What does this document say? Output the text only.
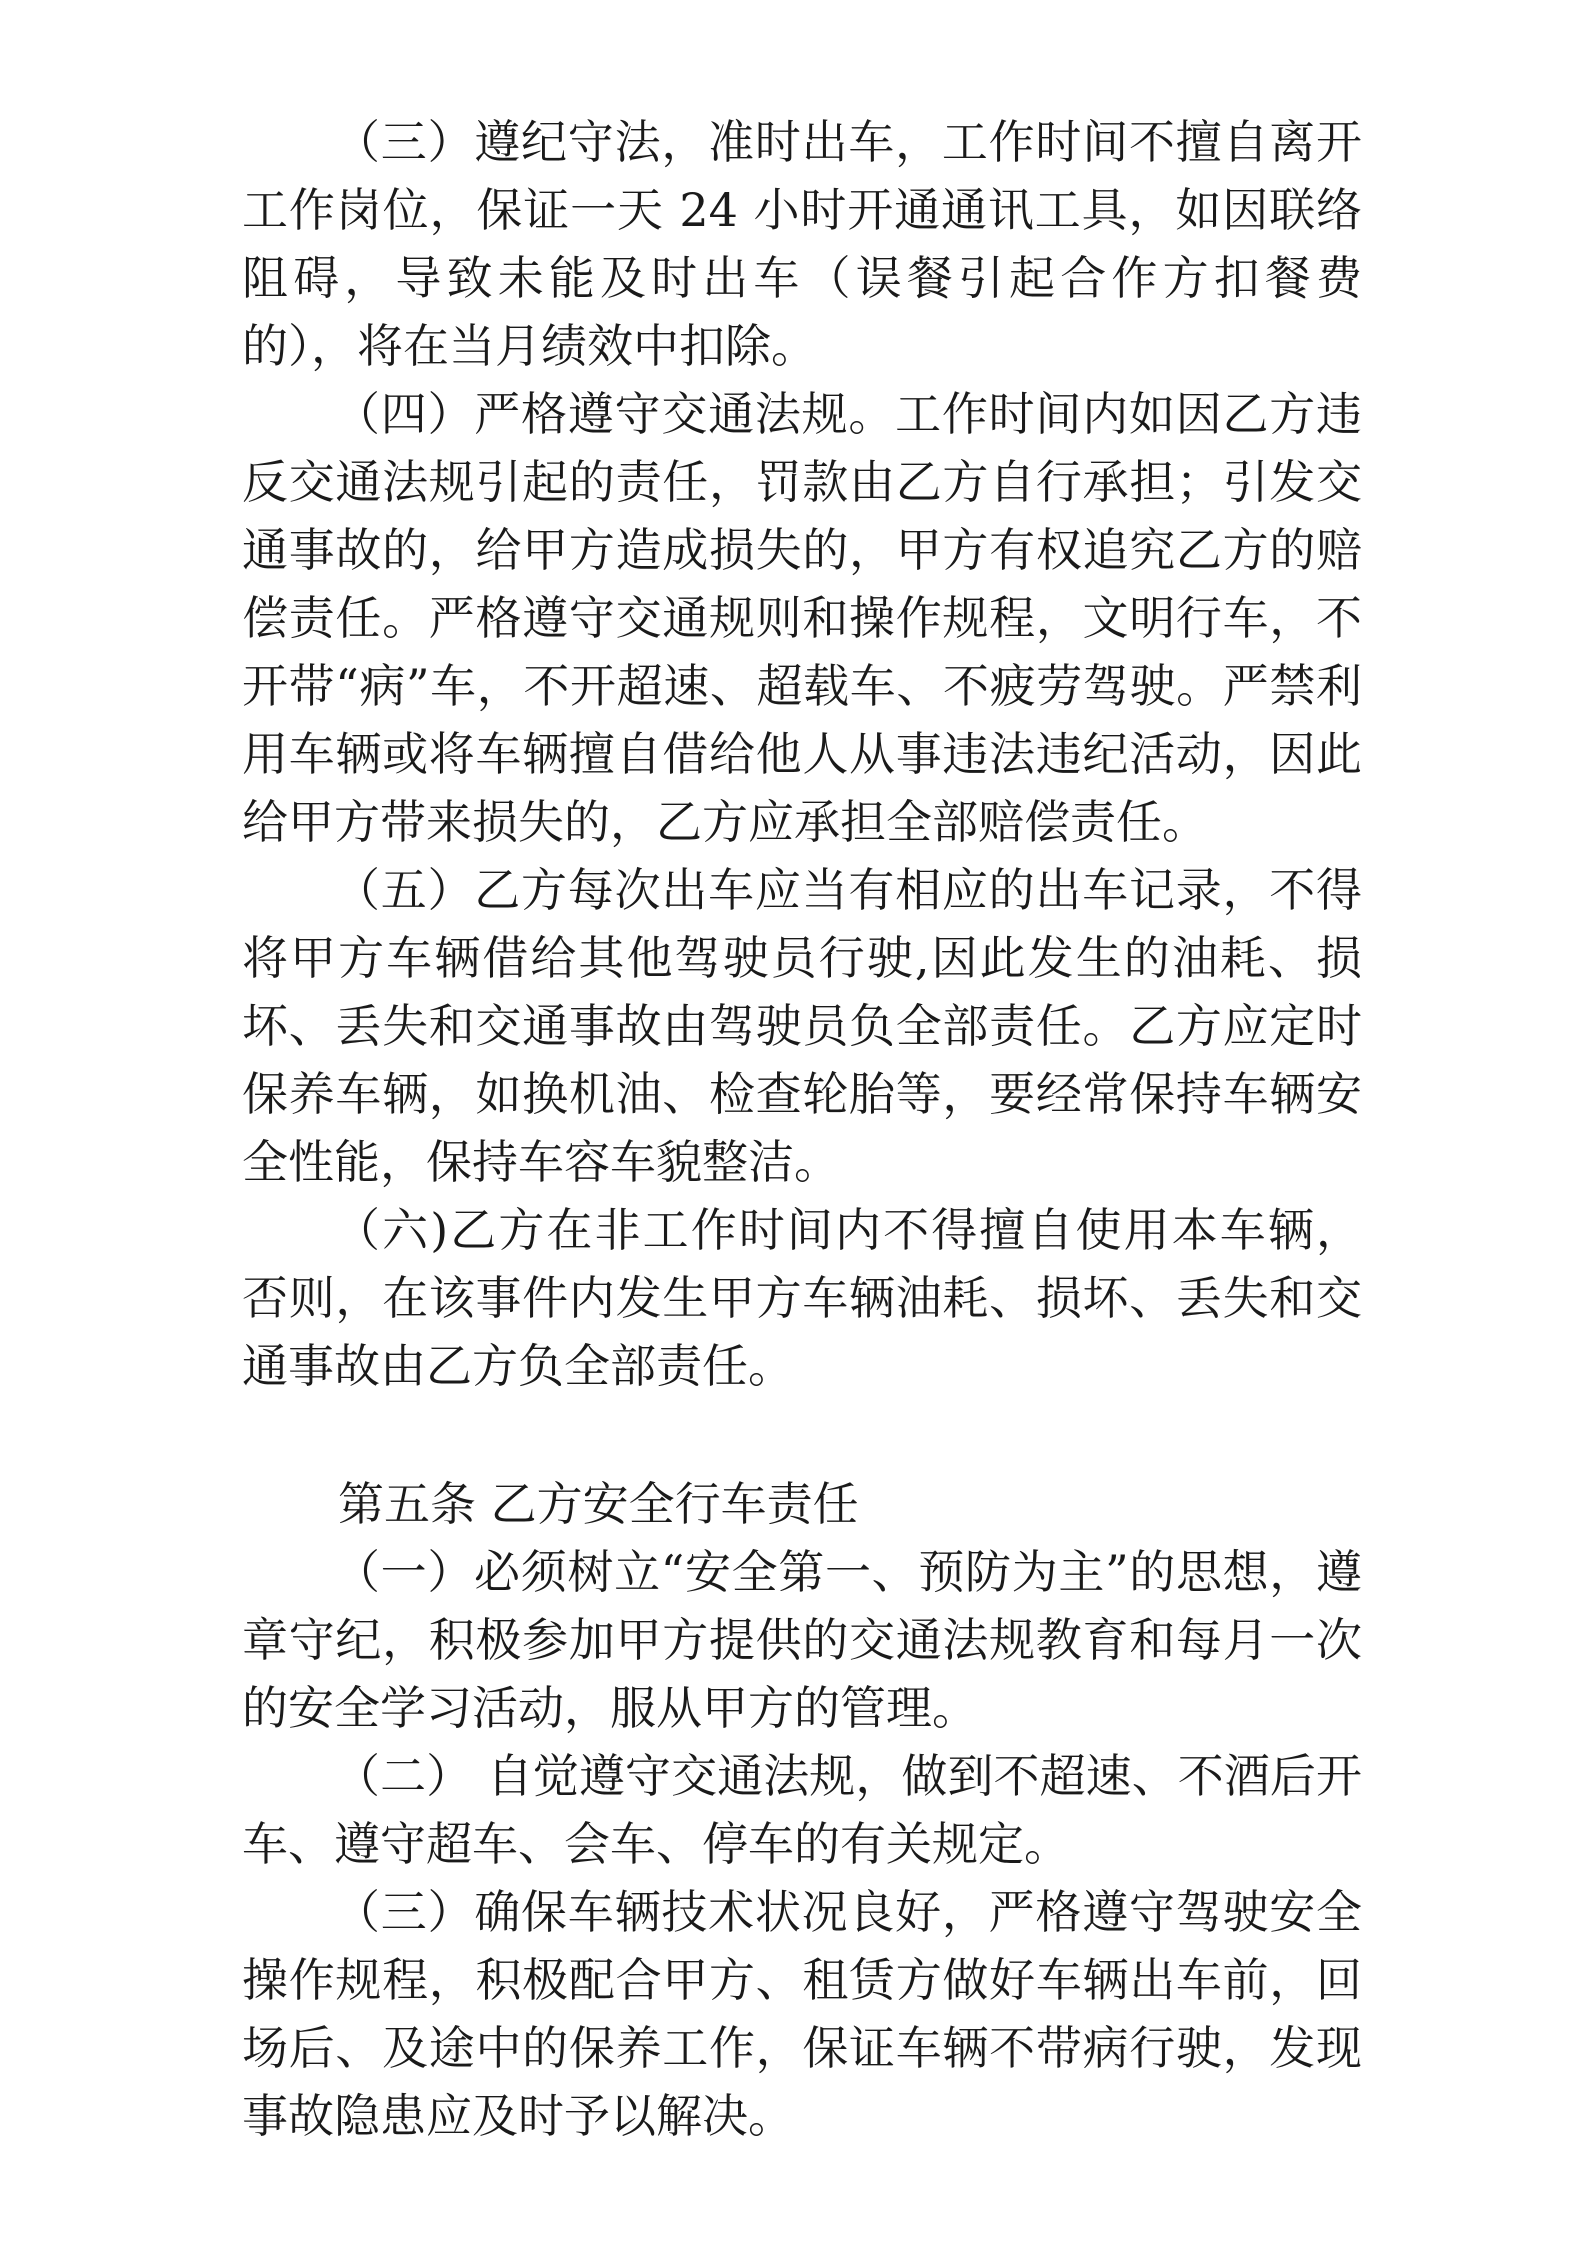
（三）遵纪守法，准时出车，工作时间不擅自离开工作岗位，保证一天 24 小时开通通讯工具，如因联络阻碍，导致未能及时出车（误餐引起合作方扣餐费的），将在当月绩效中扣除。

（四）严格遵守交通法规。工作时间内如因乙方违反交通法规引起的责任，罚款由乙方自行承担；引发交通事故的，给甲方造成损失的，甲方有权追究乙方的赔偿责任。严格遵守交通规则和操作规程，文明行车，不开带“病”车，不开超速、超载车、不疲劳驾驶。严禁利用车辆或将车辆擅自借给他人从事违法违纪活动，因此给甲方带来损失的，乙方应承担全部赔偿责任。

（五）乙方每次出车应当有相应的出车记录，不得将甲方车辆借给其他驾驶员行驶,因此发生的油耗、损坏、丢失和交通事故由驾驶员负全部责任。乙方应定时保养车辆，如换机油、检查轮胎等，要经常保持车辆安全性能，保持车容车貌整洁。

（六)乙方在非工作时间内不得擅自使用本车辆，否则，在该事件内发生甲方车辆油耗、损坏、丢失和交通事故由乙方负全部责任。

第五条 乙方安全行车责任

（一）必须树立“安全第一、预防为主”的思想，遵章守纪，积极参加甲方提供的交通法规教育和每月一次的安全学习活动，服从甲方的管理。

（二） 自觉遵守交通法规，做到不超速、不酒后开车、遵守超车、会车、停车的有关规定。

（三）确保车辆技术状况良好，严格遵守驾驶安全操作规程，积极配合甲方、租赁方做好车辆出车前，回场后、及途中的保养工作，保证车辆不带病行驶，发现事故隐患应及时予以解决。
